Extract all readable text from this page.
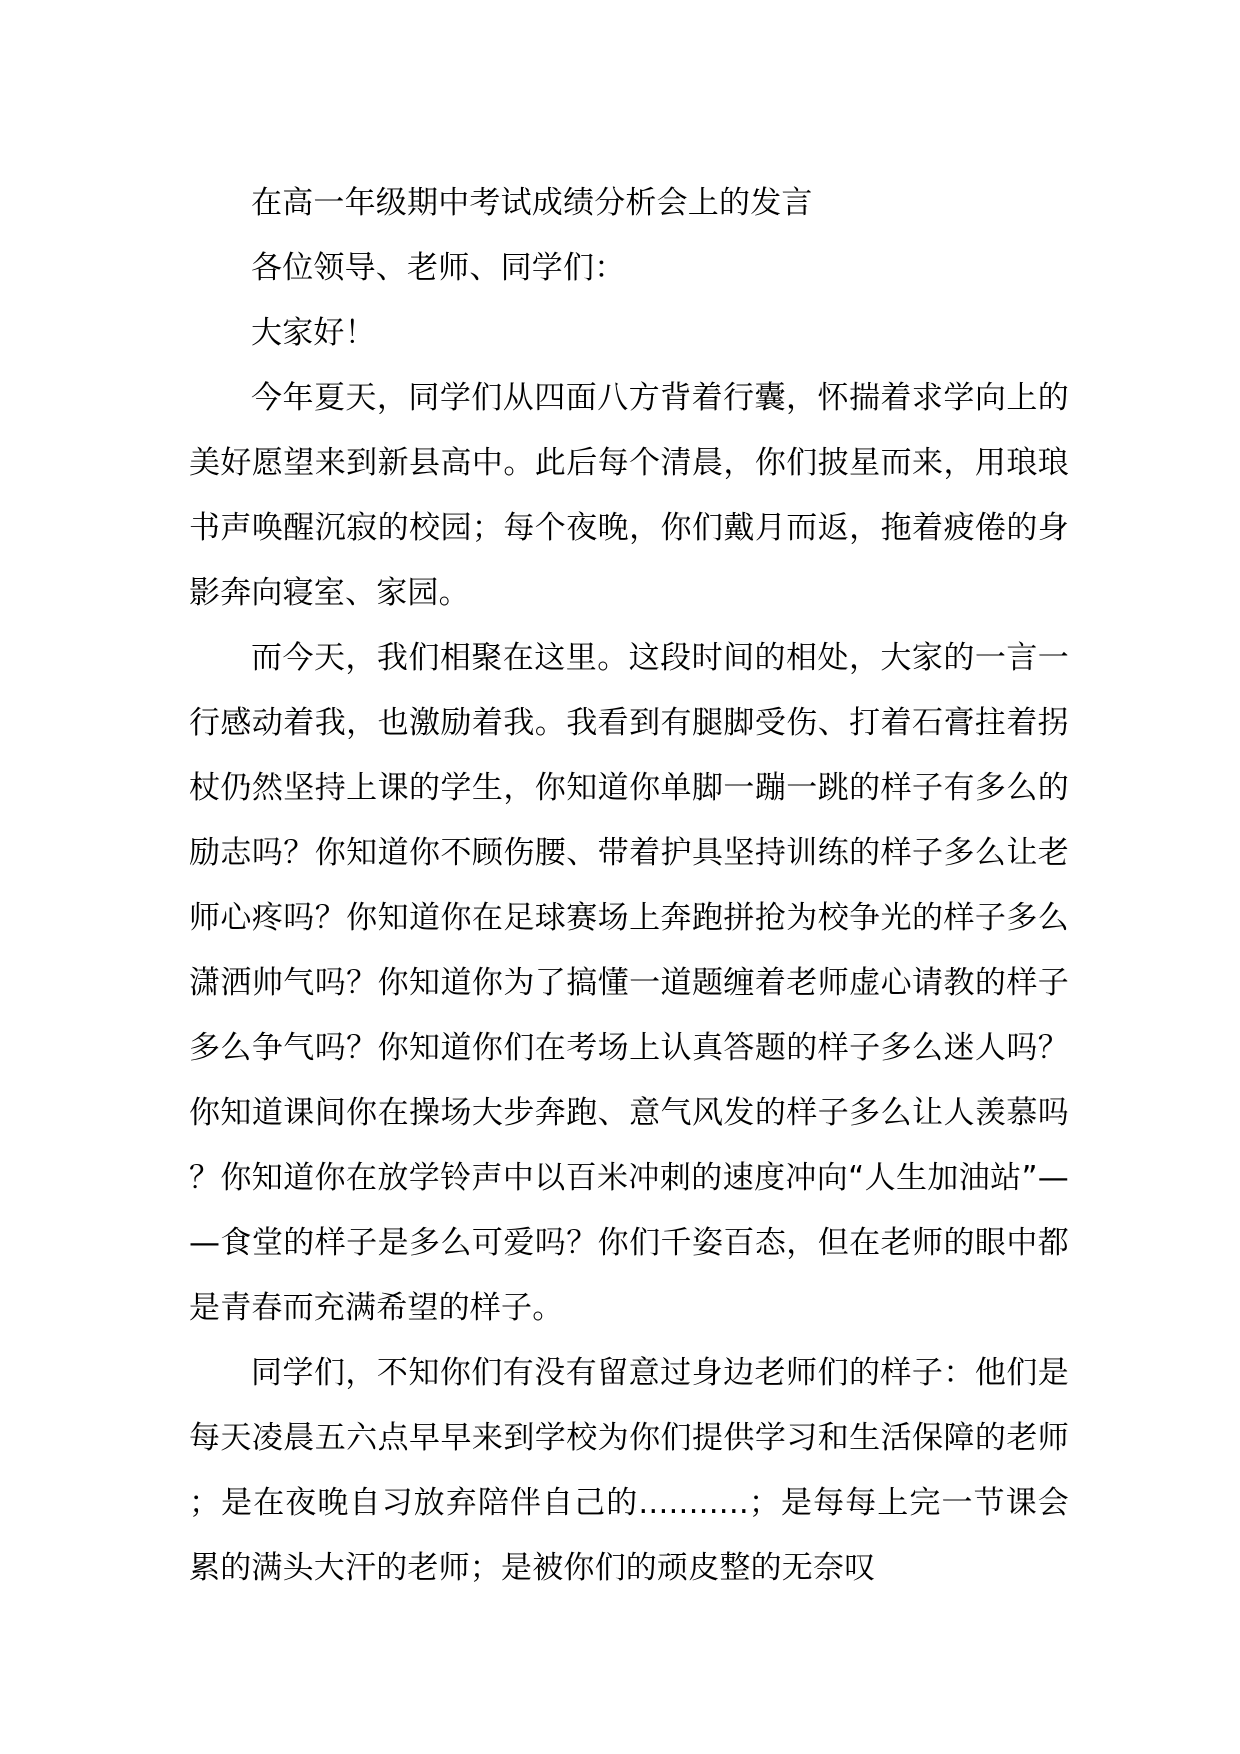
在高一年级期中考试成绩分析会上的发言

各位领导、老师、同学们：

大家好！

今年夏天，同学们从四面八方背着行囊，怀揣着求学向上的美好愿望来到新县高中。此后每个清晨，你们披星而来，用琅琅书声唤醒沉寂的校园；每个夜晚，你们戴月而返，拖着疲倦的身影奔向寝室、家园。

而今天，我们相聚在这里。这段时间的相处，大家的一言一行感动着我，也激励着我。我看到有腿脚受伤、打着石膏拄着拐杖仍然坚持上课的学生，你知道你单脚一蹦一跳的样子有多么的励志吗？你知道你不顾伤腰、带着护具坚持训练的样子多么让老师心疼吗？你知道你在足球赛场上奔跑拼抢为校争光的样子多么潇洒帅气吗？你知道你为了搞懂一道题缠着老师虚心请教的样子多么争气吗？你知道你们在考场上认真答题的样子多么迷人吗？你知道课间你在操场大步奔跑、意气风发的样子多么让人羡慕吗？你知道你在放学铃声中以百米冲刺的速度冲向“人生加油站”——食堂的样子是多么可爱吗？你们千姿百态，但在老师的眼中都是青春而充满希望的样子。

同学们，不知你们有没有留意过身边老师们的样子：他们是每天凌晨五六点早早来到学校为你们提供学习和生活保障的老师；是在夜晚自习放弃陪伴自己的...........；是每每上完一节课会累的满头大汗的老师；是被你们的顽皮整的无奈叹
